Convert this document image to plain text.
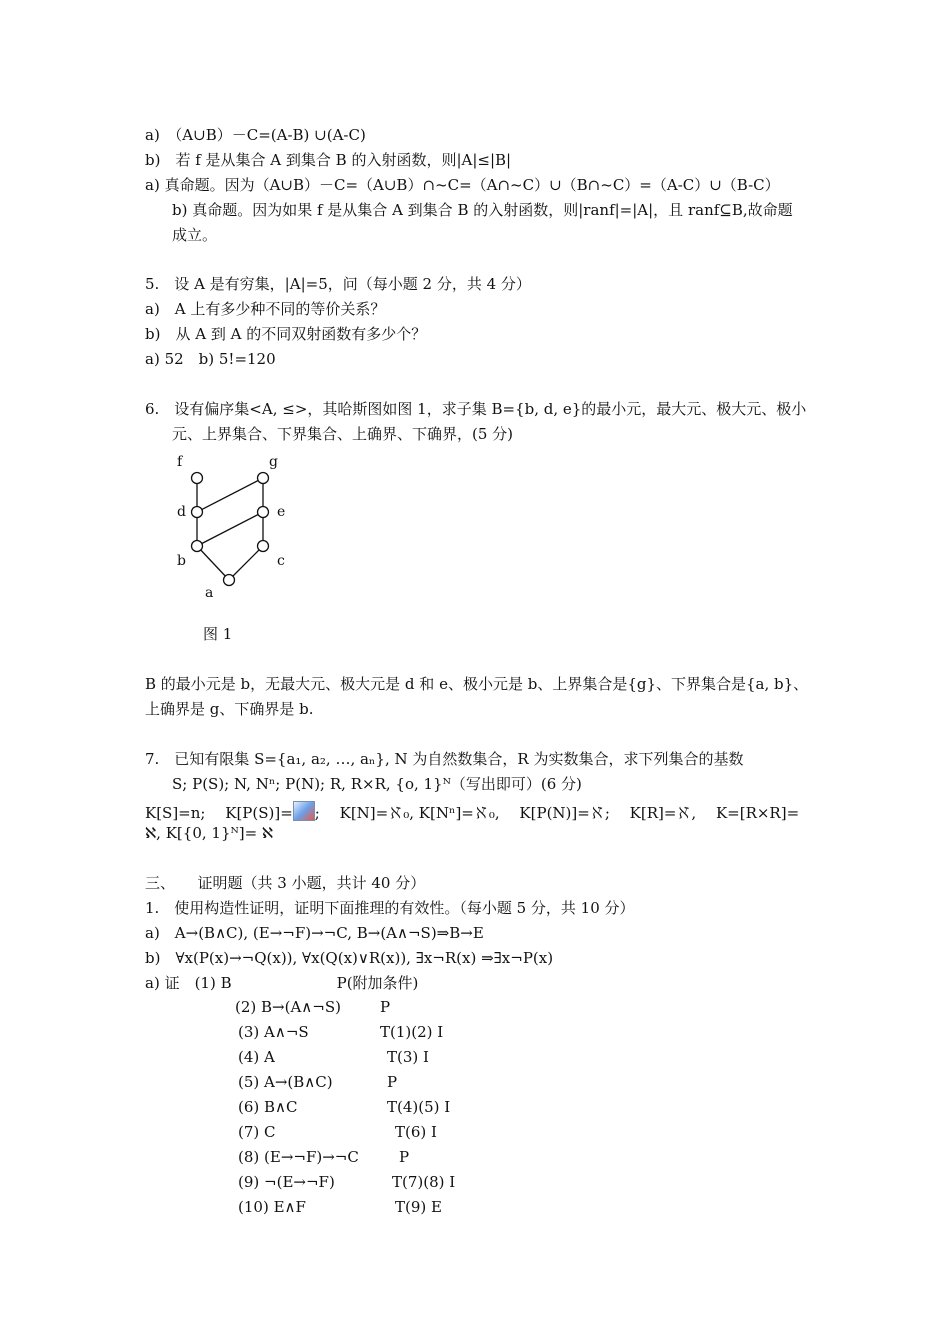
a)　（A∪B）－C=(A-B) ∪(A-C)
b)　若 f 是从集合 A 到集合 B 的入射函数，则|A|≤|B|
a) 真命题。因为（A∪B）－C=（A∪B）∩~C=（A∩~C）∪（B∩~C）=（A-C）∪（B-C）
b) 真命题。因为如果 f 是从集合 A 到集合 B 的入射函数，则|ranf|=|A|，且 ranf⊆B,故命题
成立。
5.　设 A 是有穷集，|A|=5，问（每小题 2 分，共 4 分）
a)　A 上有多少种不同的等价关系？
b)　从 A 到 A 的不同双射函数有多少个？
a) 52　b) 5!=120
6.　设有偏序集<A, ≤>，其哈斯图如图 1，求子集 B={b, d, e}的最小元，最大元、极大元、极小
元、上界集合、下界集合、上确界、下确界，(5 分)
f	g
d	e
b	c
a
图 1
B 的最小元是 b，无最大元、极大元是 d 和 e、极小元是 b、上界集合是{g}、下界集合是{a, b}、
上确界是 g、下确界是 b.
7.　已知有限集 S={a₁, a₂, …, aₙ}, N 为自然数集合，R 为实数集合，求下列集合的基数
S; P(S); N, Nⁿ; P(N); R, R×R, {o, 1}ᴺ（写出即可）(6 分)
K[S]=n;　 K[P(S)]= ;　 K[N]=ℵ₀, K[Nⁿ]=ℵ₀,　 K[P(N)]=ℵ;　 K[R]=ℵ,　 K=[R×R]=
ℵ, K[{0, 1}ᴺ]= ℵ
三、　　证明题（共 3 小题，共计 40 分）
1.　使用构造性证明，证明下面推理的有效性。（每小题 5 分，共 10 分）
a)　A→(B∧C), (E→¬F)→¬C, B→(A∧¬S)⇒B→E
b)　∀x(P(x)→¬Q(x)), ∀x(Q(x)∨R(x)), ∃x¬R(x) ⇒∃x¬P(x)
a) 证　(1) B　　　　　　　P(附加条件)
(2) B→(A∧¬S)	P
(3) A∧¬S	T(1)(2) I
(4) A	T(3) I
(5) A→(B∧C)	P
(6) B∧C	T(4)(5) I
(7) C	T(6) I
(8) (E→¬F)→¬C	P
(9) ¬(E→¬F)	T(7)(8) I
(10) E∧F	T(9) E
